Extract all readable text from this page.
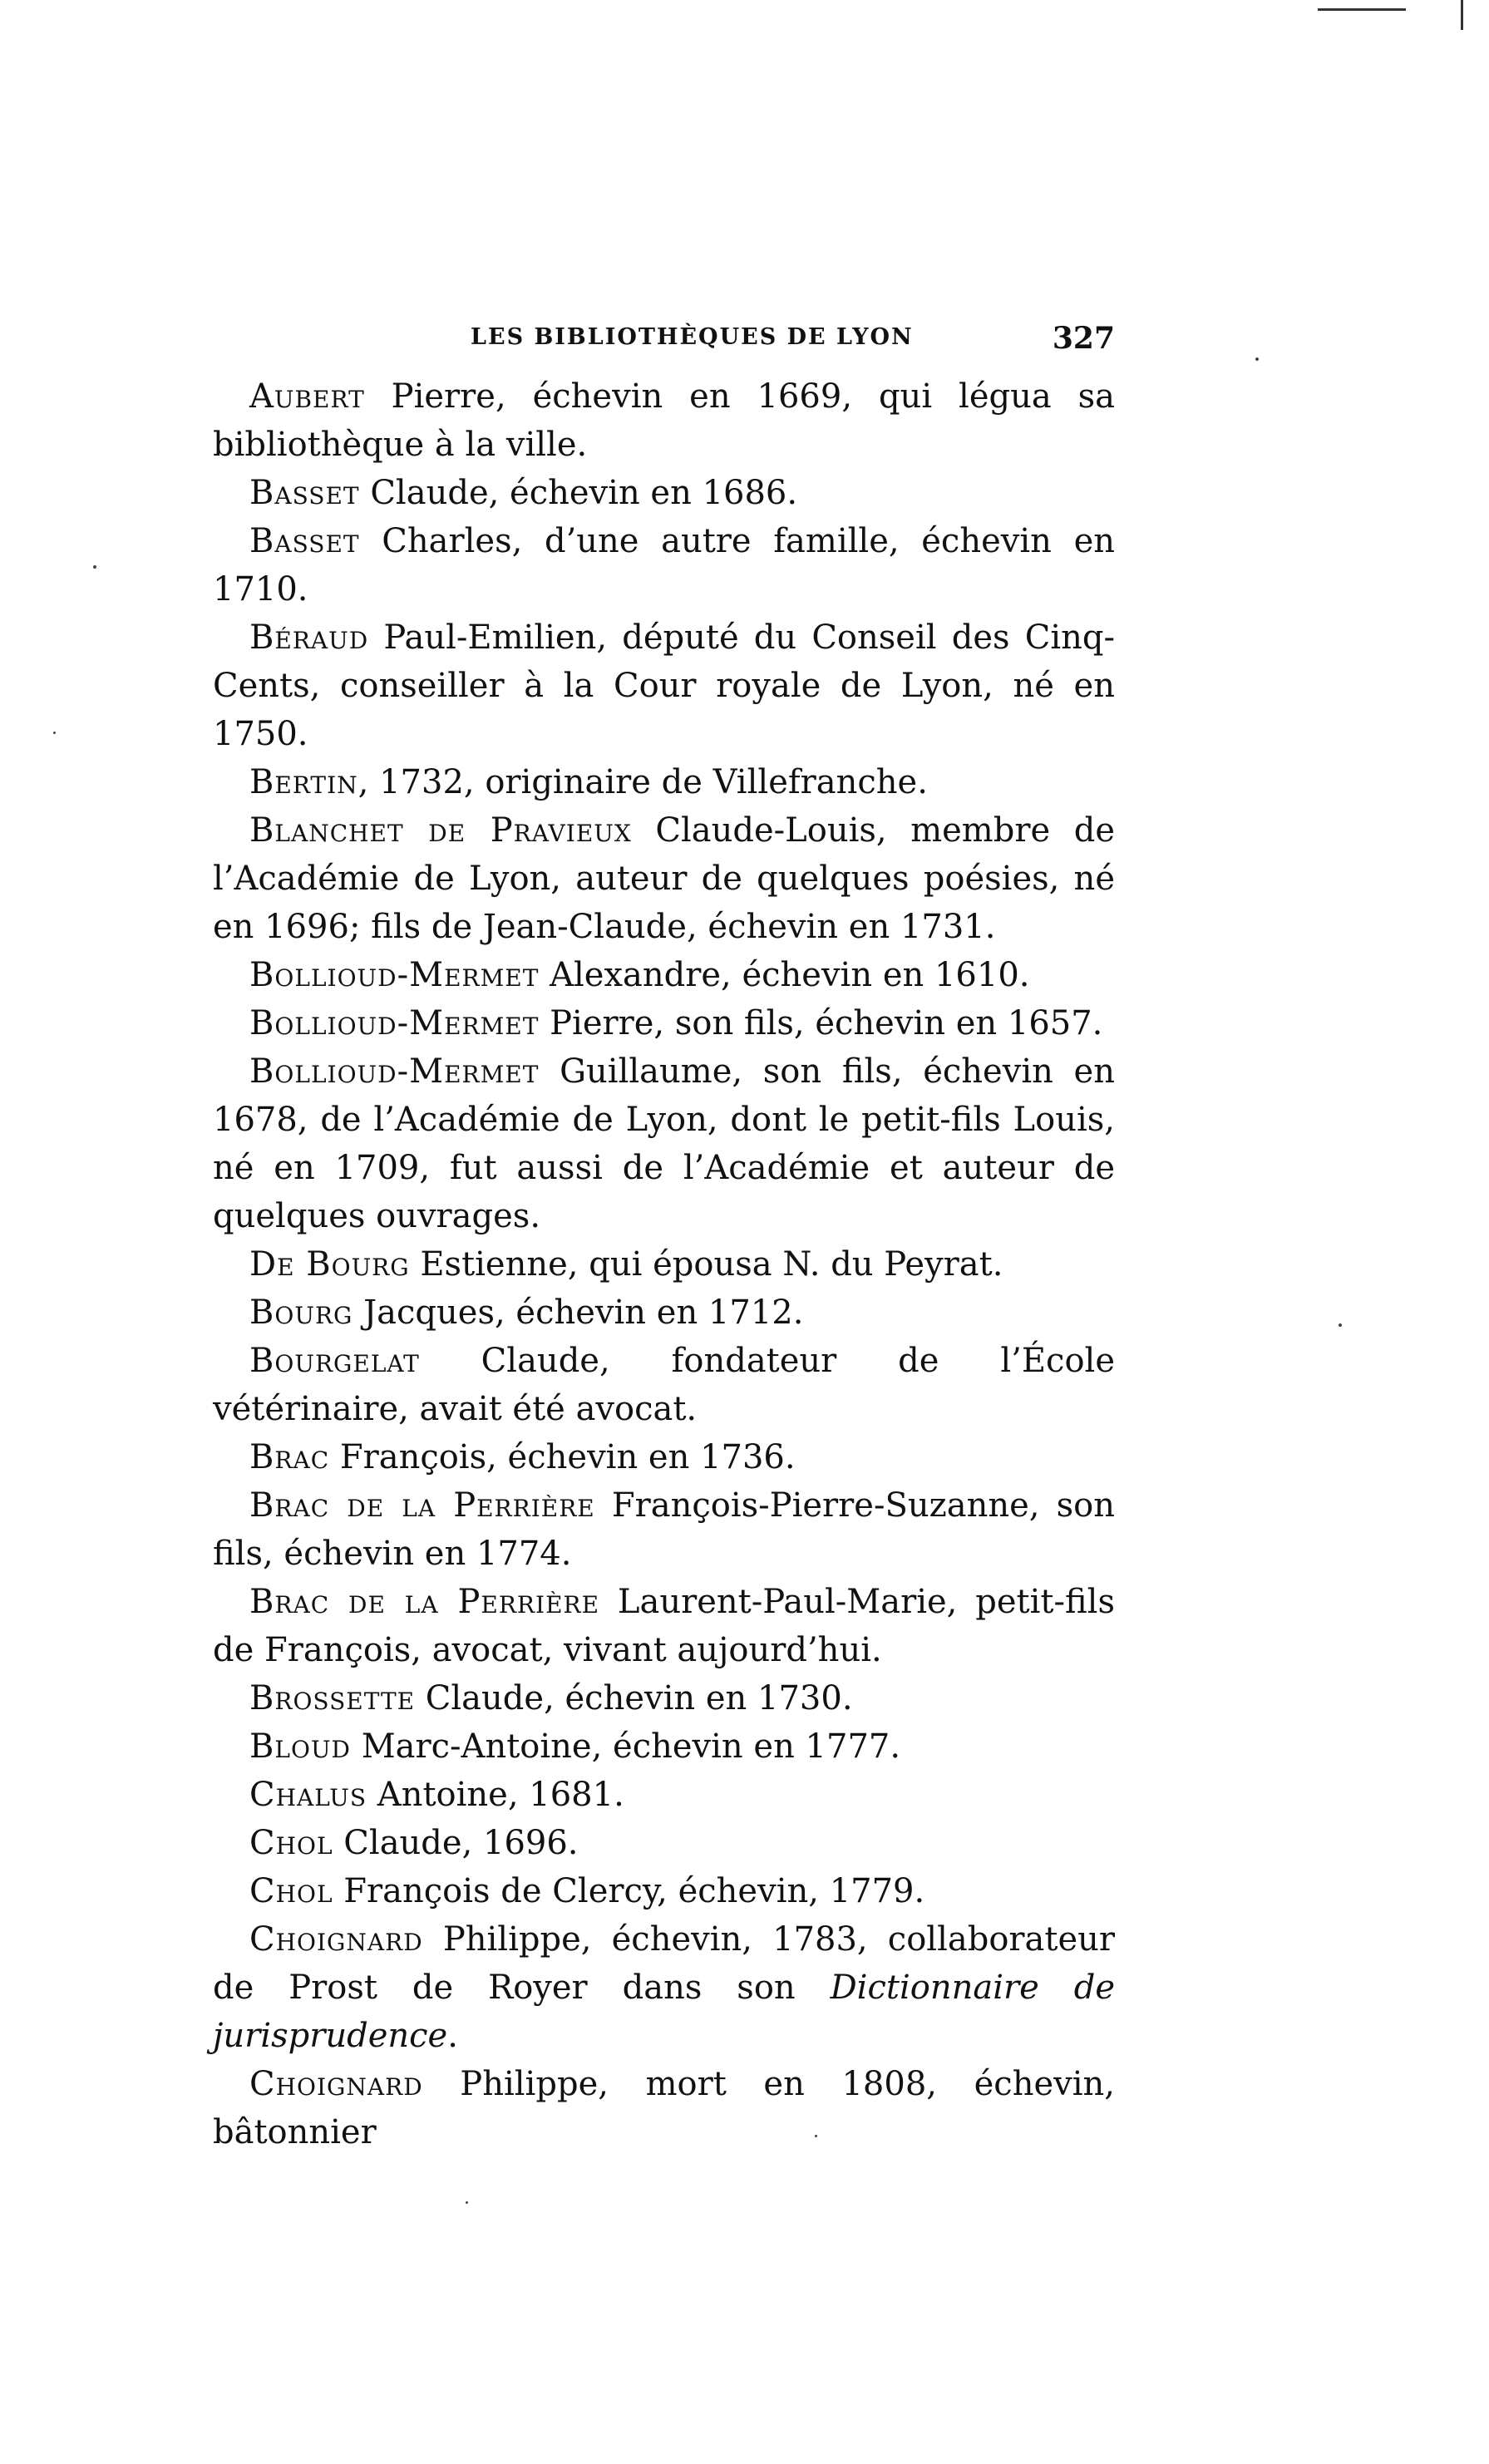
LES BIBLIOTHÈQUES DE LYON	327

Aubert Pierre, échevin en 1669, qui légua sa bibliothèque à la ville.

Basset Claude, échevin en 1686.

Basset Charles, d’une autre famille, échevin en 1710.

Béraud Paul-Emilien, député du Conseil des Cinq-Cents, conseiller à la Cour royale de Lyon, né en 1750.

Bertin, 1732, originaire de Villefranche.

Blanchet de Pravieux Claude-Louis, membre de l’Académie de Lyon, auteur de quelques poésies, né en 1696; fils de Jean-Claude, échevin en 1731.

Bollioud-Mermet Alexandre, échevin en 1610.

Bollioud-Mermet Pierre, son fils, échevin en 1657.

Bollioud-Mermet Guillaume, son fils, échevin en 1678, de l’Académie de Lyon, dont le petit-fils Louis, né en 1709, fut aussi de l’Académie et auteur de quelques ouvrages.

De Bourg Estienne, qui épousa N. du Peyrat.

Bourg Jacques, échevin en 1712.

Bourgelat Claude, fondateur de l’École vétérinaire, avait été avocat.

Brac François, échevin en 1736.

Brac de la Perrière François-Pierre-Suzanne, son fils, échevin en 1774.

Brac de la Perrière Laurent-Paul-Marie, petit-fils de François, avocat, vivant aujourd’hui.

Brossette Claude, échevin en 1730.

Bloud Marc-Antoine, échevin en 1777.

Chalus Antoine, 1681.

Chol Claude, 1696.

Chol François de Clercy, échevin, 1779.

Choignard Philippe, échevin, 1783, collaborateur de Prost de Royer dans son Dictionnaire de jurisprudence.

Choignard Philippe, mort en 1808, échevin, bâtonnier
